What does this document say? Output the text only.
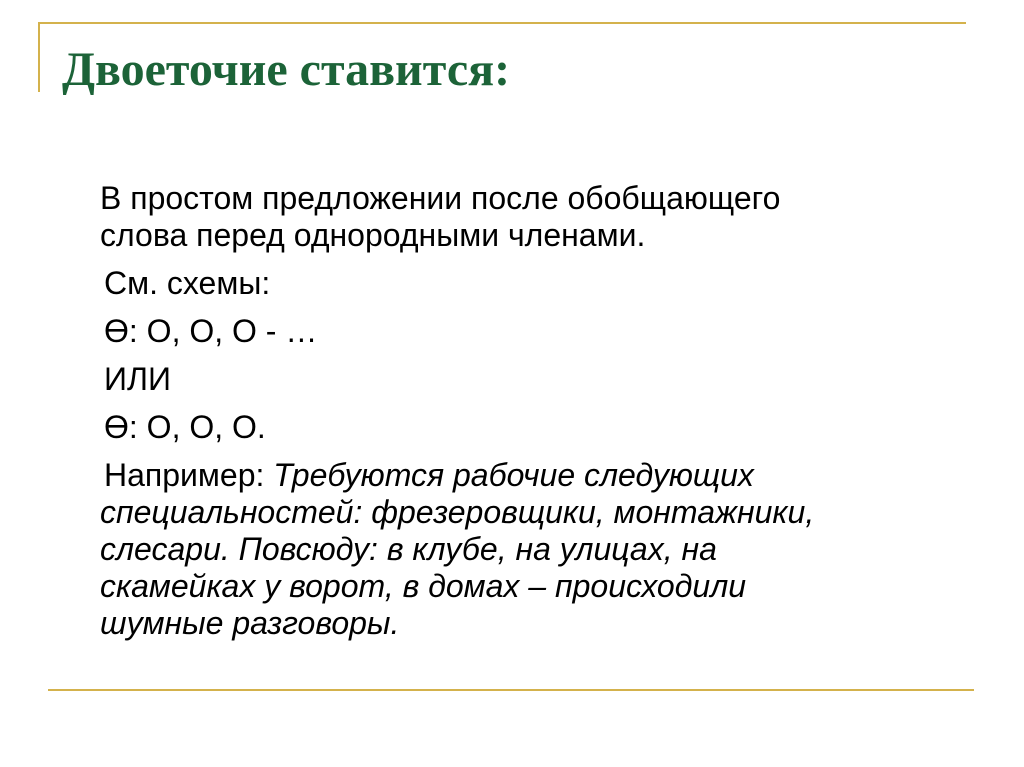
Двоеточие ставится:

В простом предложении после обобщающего

слова перед однородными членами.

См. схемы:

Ө: О, О, О - …

ИЛИ

Ө: О, О, О.

Например: Требуются рабочие следующих

специальностей: фрезеровщики, монтажники,

слесари. Повсюду: в клубе, на улицах, на

скамейках у ворот, в домах – происходили

шумные разговоры.
